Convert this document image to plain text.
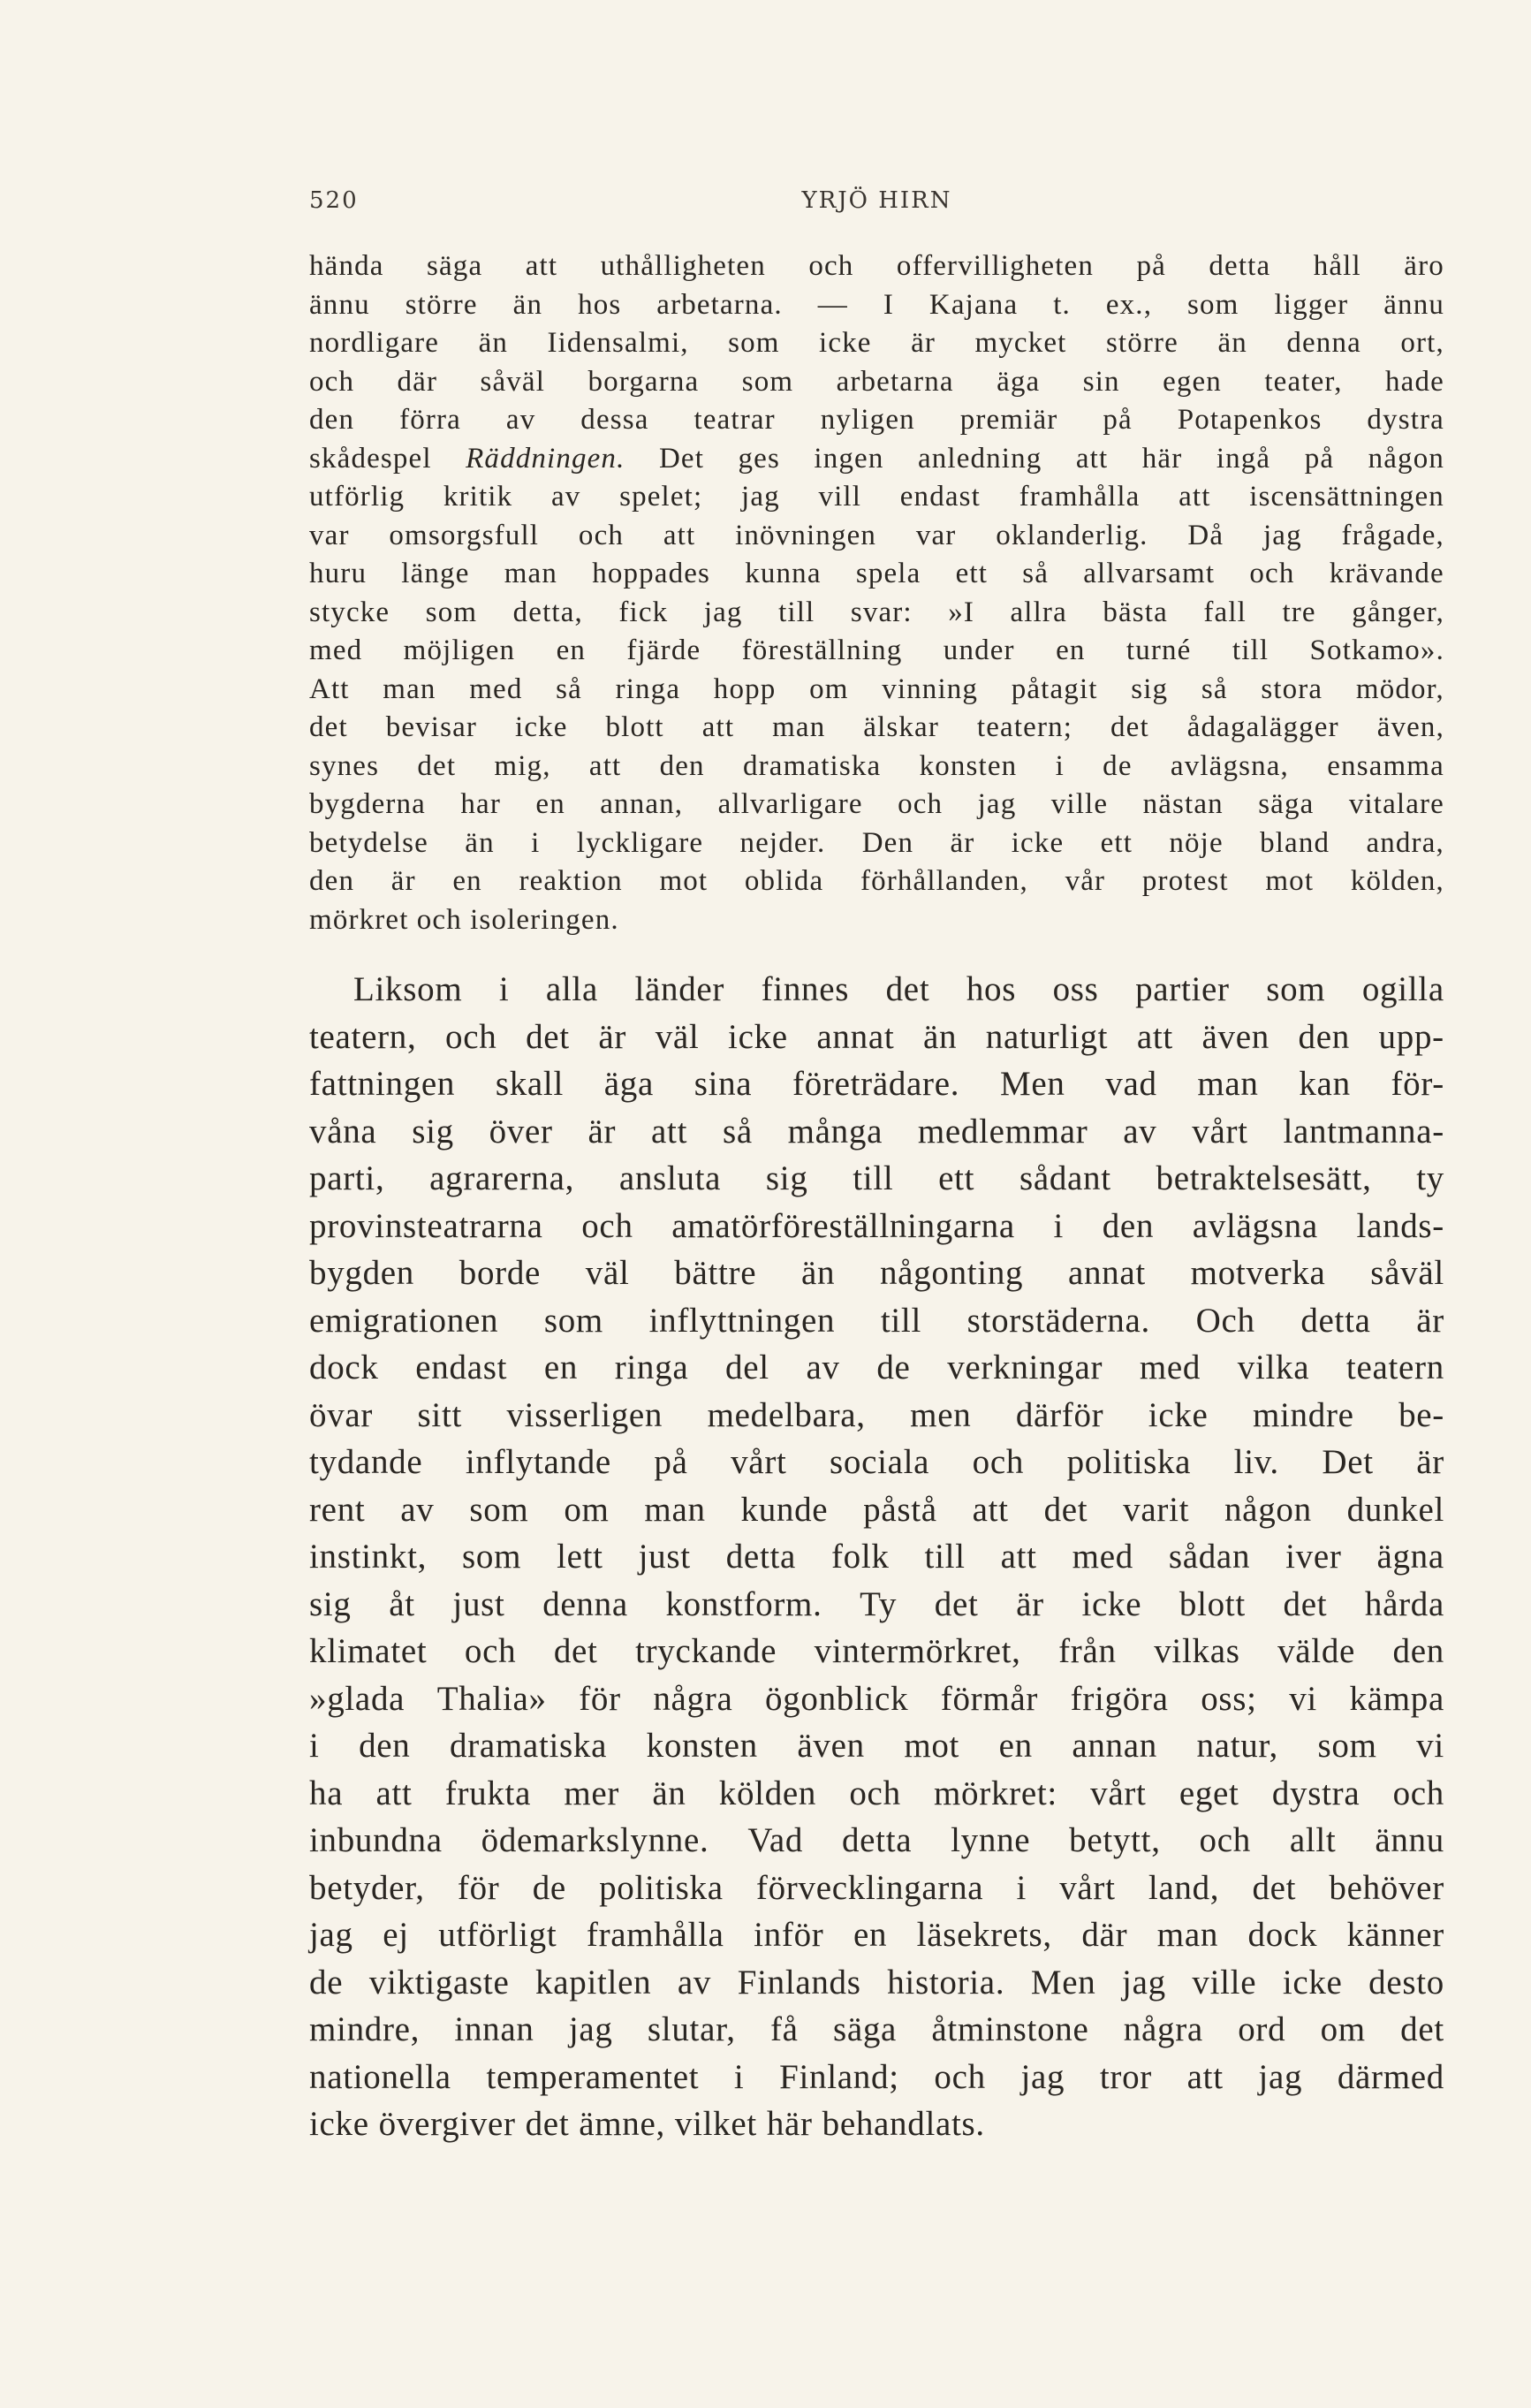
520	YRJÖ HIRN
hända säga att uthålligheten och offervilligheten på detta håll äro
ännu större än hos arbetarna. — I Kajana t. ex., som ligger ännu
nordligare än Iidensalmi, som icke är mycket större än denna ort,
och där såväl borgarna som arbetarna äga sin egen teater, hade
den förra av dessa teatrar nyligen premiär på Potapenkos dystra
skådespel Räddningen. Det ges ingen anledning att här ingå på någon
utförlig kritik av spelet; jag vill endast framhålla att iscensättningen
var omsorgsfull och att inövningen var oklanderlig. Då jag frågade,
huru länge man hoppades kunna spela ett så allvarsamt och krävande
stycke som detta, fick jag till svar: »I allra bästa fall tre gånger,
med möjligen en fjärde föreställning under en turné till Sotkamo».
Att man med så ringa hopp om vinning påtagit sig så stora mödor,
det bevisar icke blott att man älskar teatern; det ådagalägger även,
synes det mig, att den dramatiska konsten i de avlägsna, ensamma
bygderna har en annan, allvarligare och jag ville nästan säga vitalare
betydelse än i lyckligare nejder. Den är icke ett nöje bland andra,
den är en reaktion mot oblida förhållanden, vår protest mot kölden,
mörkret och isoleringen.
Liksom i alla länder finnes det hos oss partier som ogilla
teatern, och det är väl icke annat än naturligt att även den upp-
fattningen skall äga sina företrädare. Men vad man kan för-
våna sig över är att så många medlemmar av vårt lantmanna-
parti, agrarerna, ansluta sig till ett sådant betraktelsesätt, ty
provinsteatrarna och amatörföreställningarna i den avlägsna lands-
bygden borde väl bättre än någonting annat motverka såväl
emigrationen som inflyttningen till storstäderna. Och detta är
dock endast en ringa del av de verkningar med vilka teatern
övar sitt visserligen medelbara, men därför icke mindre be-
tydande inflytande på vårt sociala och politiska liv. Det är
rent av som om man kunde påstå att det varit någon dunkel
instinkt, som lett just detta folk till att med sådan iver ägna
sig åt just denna konstform. Ty det är icke blott det hårda
klimatet och det tryckande vintermörkret, från vilkas välde den
»glada Thalia» för några ögonblick förmår frigöra oss; vi kämpa
i den dramatiska konsten även mot en annan natur, som vi
ha att frukta mer än kölden och mörkret: vårt eget dystra och
inbundna ödemarkslynne. Vad detta lynne betytt, och allt ännu
betyder, för de politiska förvecklingarna i vårt land, det behöver
jag ej utförligt framhålla inför en läsekrets, där man dock känner
de viktigaste kapitlen av Finlands historia. Men jag ville icke desto
mindre, innan jag slutar, få säga åtminstone några ord om det
nationella temperamentet i Finland; och jag tror att jag därmed
icke övergiver det ämne, vilket här behandlats.
